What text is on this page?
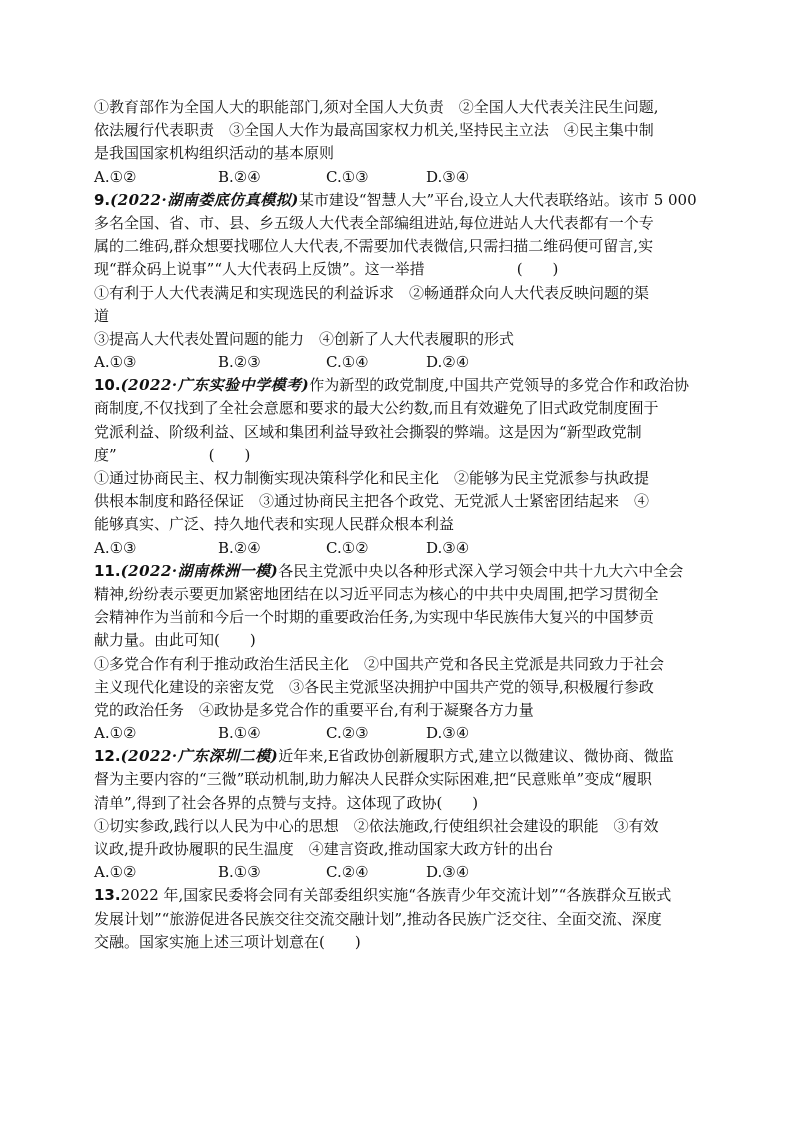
①教育部作为全国人大的职能部门,须对全国人大负责　②全国人大代表关注民生问题,
依法履行代表职责　③全国人大作为最高国家权力机关,坚持民主立法　④民主集中制
是我国国家机构组织活动的基本原则
A.①②	B.②④	C.①③	D.③④
9.(2022·湖南娄底仿真模拟)某市建设“智慧人大”平台,设立人大代表联络站。该市 5 000
多名全国、省、市、县、乡五级人大代表全部编组进站,每位进站人大代表都有一个专
属的二维码,群众想要找哪位人大代表,不需要加代表微信,只需扫描二维码便可留言,实
现“群众码上说事”“人大代表码上反馈”。这一举措	(　　)
①有利于人大代表满足和实现选民的利益诉求　②畅通群众向人大代表反映问题的渠
道
③提高人大代表处置问题的能力　④创新了人大代表履职的形式
A.①③	B.②③	C.①④	D.②④
10.(2022·广东实验中学模考)作为新型的政党制度,中国共产党领导的多党合作和政治协
商制度,不仅找到了全社会意愿和要求的最大公约数,而且有效避免了旧式政党制度囿于
党派利益、阶级利益、区域和集团利益导致社会撕裂的弊端。这是因为“新型政党制
度”	(　　)
①通过协商民主、权力制衡实现决策科学化和民主化　②能够为民主党派参与执政提
供根本制度和路径保证　③通过协商民主把各个政党、无党派人士紧密团结起来　④
能够真实、广泛、持久地代表和实现人民群众根本利益
A.①③	B.②④	C.①②	D.③④
11.(2022·湖南株洲一模)各民主党派中央以各种形式深入学习领会中共十九大六中全会
精神,纷纷表示要更加紧密地团结在以习近平同志为核心的中共中央周围,把学习贯彻全
会精神作为当前和今后一个时期的重要政治任务,为实现中华民族伟大复兴的中国梦贡
献力量。由此可知(　　)
①多党合作有利于推动政治生活民主化　②中国共产党和各民主党派是共同致力于社会
主义现代化建设的亲密友党　③各民主党派坚决拥护中国共产党的领导,积极履行参政
党的政治任务　④政协是多党合作的重要平台,有利于凝聚各方力量
A.①②	B.①④	C.②③	D.③④
12.(2022·广东深圳二模)近年来,E省政协创新履职方式,建立以微建议、微协商、微监
督为主要内容的“三微”联动机制,助力解决人民群众实际困难,把“民意账单”变成“履职
清单”,得到了社会各界的点赞与支持。这体现了政协(　　)
①切实参政,践行以人民为中心的思想　②依法施政,行使组织社会建设的职能　③有效
议政,提升政协履职的民生温度　④建言资政,推动国家大政方针的出台
A.①②	B.①③	C.②④	D.③④
13.2022 年,国家民委将会同有关部委组织实施“各族青少年交流计划”“各族群众互嵌式
发展计划”“旅游促进各民族交往交流交融计划”,推动各民族广泛交往、全面交流、深度
交融。国家实施上述三项计划意在(　　)
